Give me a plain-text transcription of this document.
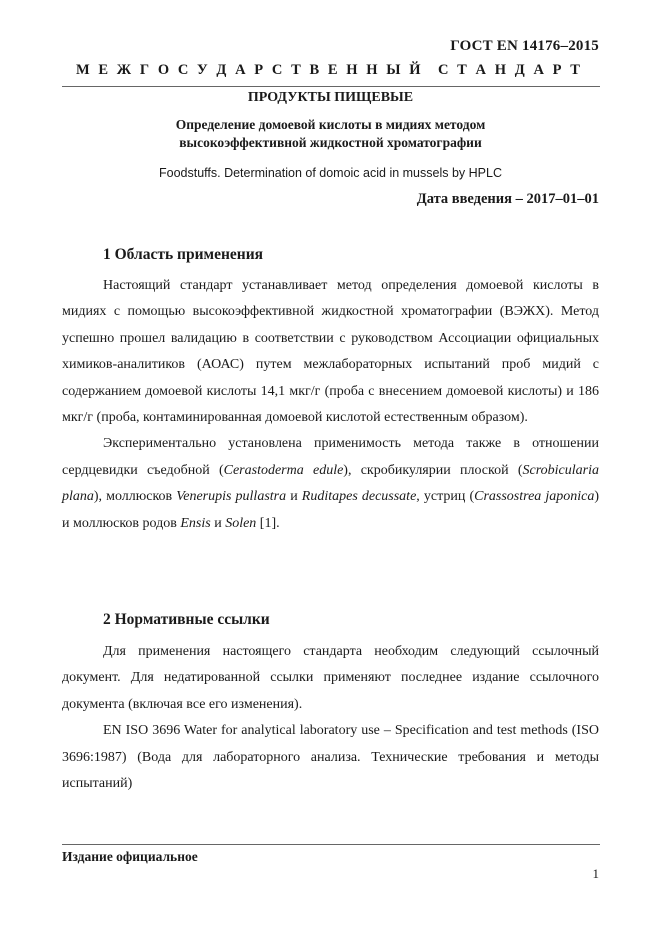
ГОСТ EN 14176–2015
М Е Ж Г О С У Д А Р С Т В Е Н Н Ы Й С Т А Н Д А Р Т
ПРОДУКТЫ ПИЩЕВЫЕ
Определение домоевой кислоты в мидиях методом
высокоэффективной жидкостной хроматографии
Foodstuffs. Determination of domoic acid in mussels by HPLC
Дата введения – 2017–01–01
1 Область применения

Настоящий стандарт устанавливает метод определения домоевой кислоты в мидиях с помощью высокоэффективной жидкостной хроматографии (ВЭЖХ). Метод успешно прошел валидацию в соответствии с руководством Ассоциации официальных химиков-аналитиков (АОАС) путем межлабораторных испытаний проб мидий с содержанием домоевой кислоты 14,1 мкг/г (проба с внесением домоевой кислоты) и 186 мкг/г (проба, контаминированная домоевой кислотой естественным образом).

Экспериментально установлена применимость метода также в отношении сердцевидки съедобной (Cerastoderma edule), скробикулярии плоской (Scrobicularia plana), моллюсков Venerupis pullastra и Ruditapes decussate, устриц (Crassostrea japonica) и моллюсков родов Ensis и Solen [1].

2 Нормативные ссылки

Для применения настоящего стандарта необходим следующий ссылочный документ. Для недатированной ссылки применяют последнее издание ссылочного документа (включая все его изменения).

EN ISO 3696 Water for analytical laboratory use – Specification and test methods (ISO 3696:1987) (Вода для лабораторного анализа. Технические требования и методы испытаний)

Издание официальное
1
